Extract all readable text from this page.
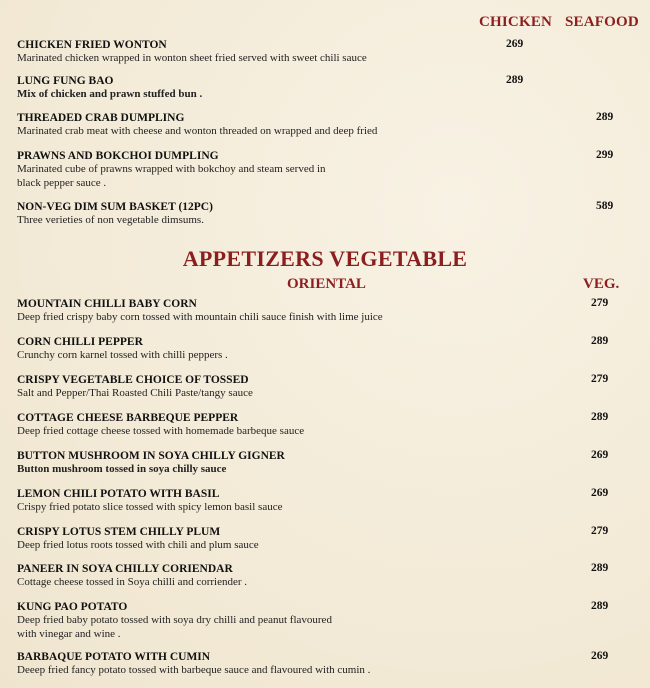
CHICKEN SEAFOOD
CHICKEN FRIED WONTON
Marinated chicken wrapped in wonton sheet fried served with sweet chili sauce
269
LUNG FUNG BAO
Mix of chicken and prawn stuffed bun .
289
THREADED CRAB DUMPLING
Marinated crab meat with cheese and wonton threaded on wrapped and deep fried
289
PRAWNS AND BOKCHOI DUMPLING
Marinated cube of prawns wrapped with bokchoy and steam served in black pepper sauce .
299
NON-VEG DIM SUM BASKET (12PC)
Three verieties of non vegetable dimsums.
589
APPETIZERS VEGETABLE
ORIENTAL	VEG.
MOUNTAIN CHILLI BABY CORN
Deep fried crispy baby corn tossed with mountain chili sauce finish with lime juice
279
CORN CHILLI PEPPER
Crunchy corn karnel tossed with chilli peppers .
289
CRISPY VEGETABLE CHOICE OF TOSSED
Salt and Pepper/Thai Roasted Chili Paste/tangy sauce
279
COTTAGE CHEESE BARBEQUE PEPPER
Deep fried cottage cheese tossed with homemade barbeque sauce
289
BUTTON MUSHROOM IN SOYA CHILLY GIGNER
Button mushroom tossed in soya chilly sauce
269
LEMON CHILI POTATO WITH BASIL
Crispy fried potato slice tossed with spicy lemon basil sauce
269
CRISPY LOTUS STEM CHILLY PLUM
Deep fried lotus roots tossed with chili and plum sauce
279
PANEER IN SOYA CHILLY CORIENDAR
Cottage cheese tossed in Soya chilli and corriender .
289
KUNG PAO POTATO
Deep fried baby potato tossed with soya dry chilli and peanut flavoured with vinegar and wine .
289
BARBAQUE POTATO WITH CUMIN
Deeep fried fancy potato tossed with barbeque sauce and flavoured with cumin .
269
